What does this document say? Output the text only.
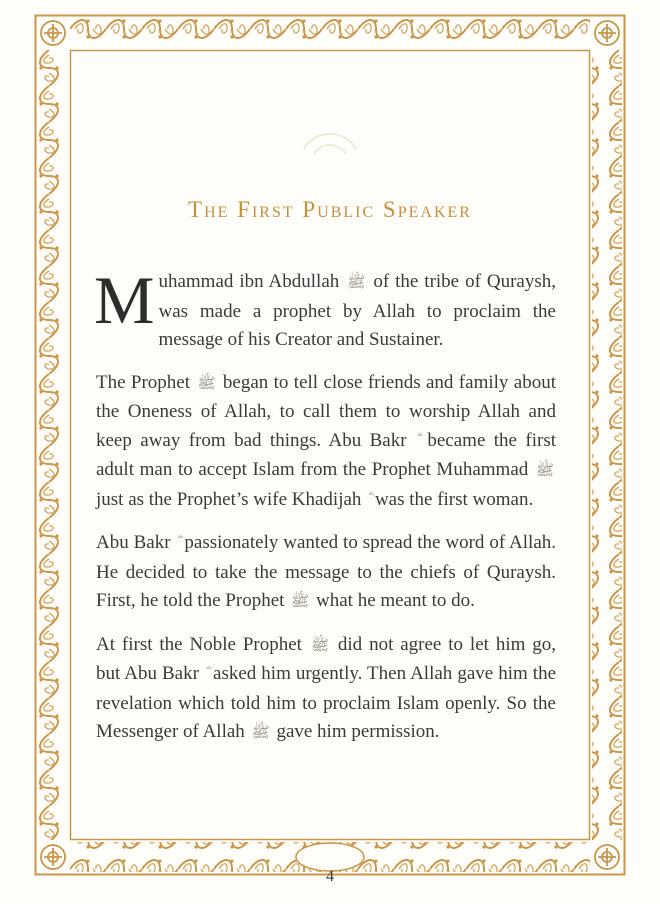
The First Public Speaker

Muhammad ibn Abdullah ﷺ of the tribe of Quraysh, was made a prophet by Allah to proclaim the message of his Creator and Sustainer.

The Prophet ﷺ began to tell close friends and family about the Oneness of Allah, to call them to worship Allah and keep away from bad things. Abu Bakr became the first adult man to accept Islam from the Prophet Muhammad ﷺ just as the Prophet’s wife Khadijah was the first woman.

Abu Bakr passionately wanted to spread the word of Allah. He decided to take the message to the chiefs of Quraysh. First, he told the Prophet ﷺ what he meant to do.

At first the Noble Prophet ﷺ did not agree to let him go, but Abu Bakr asked him urgently. Then Allah gave him the revelation which told him to proclaim Islam openly. So the Messenger of Allah ﷺ gave him permission.

4
